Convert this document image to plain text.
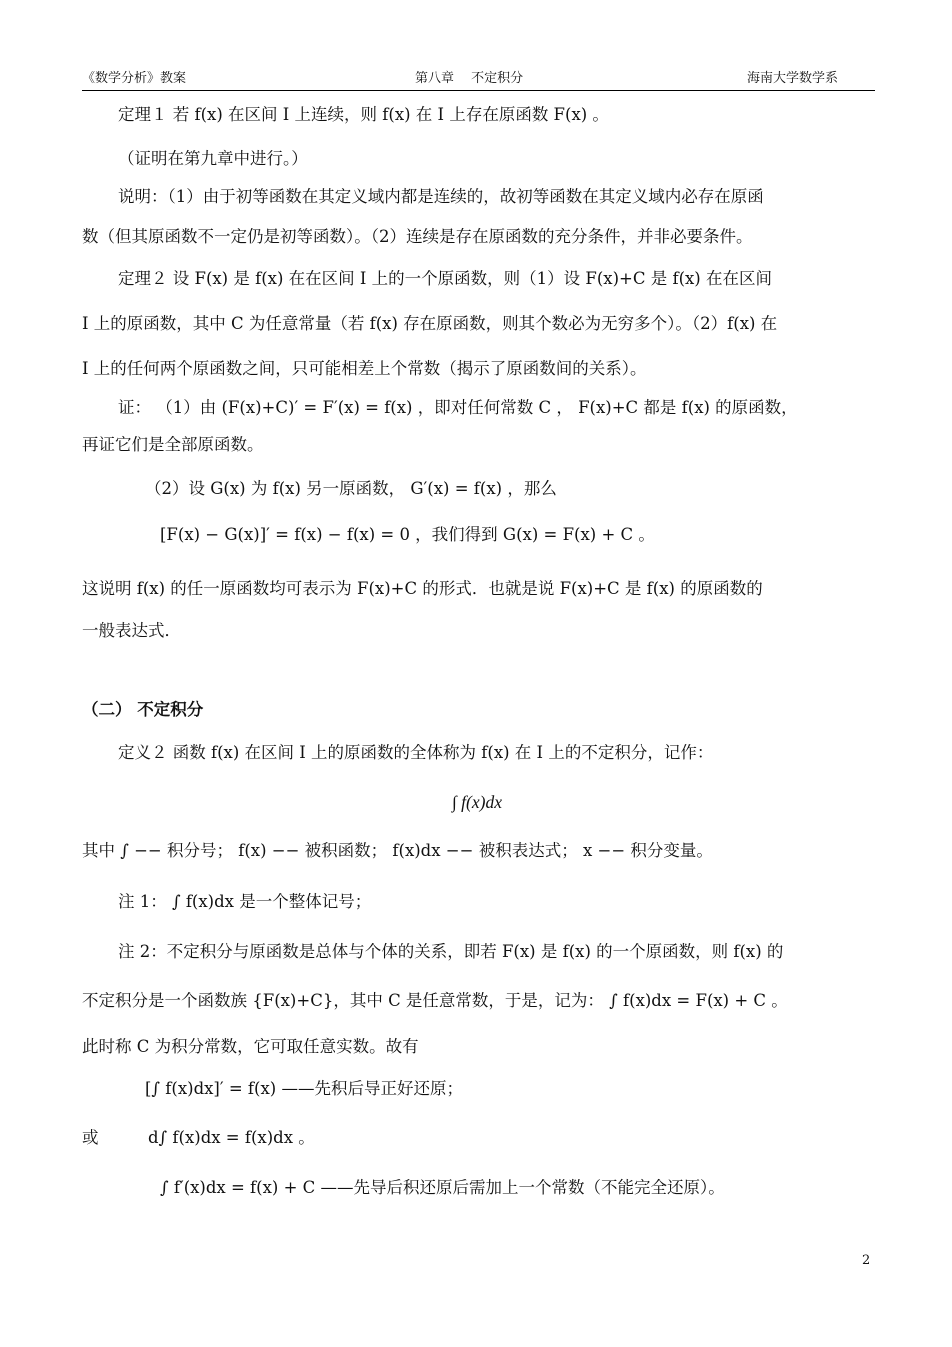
《数学分析》教案	第八章　 不定积分	海南大学数学系
定理１ 若 f(x) 在区间 I 上连续，则 f(x) 在 I 上存在原函数 F(x) 。
（证明在第九章中进行。）
说明：（1）由于初等函数在其定义域内都是连续的，故初等函数在其定义域内必存在原函
数（但其原函数不一定仍是初等函数）。（2）连续是存在原函数的充分条件，并非必要条件。
定理２ 设 F(x) 是 f(x) 在在区间 I 上的一个原函数，则（1）设 F(x)+C 是 f(x) 在在区间
I 上的原函数，其中 C 为任意常量（若 f(x) 存在原函数，则其个数必为无穷多个）。（2）f(x) 在
I 上的任何两个原函数之间，只可能相差上个常数（揭示了原函数间的关系）。
证： （1）由 (F(x)+C)′ = F′(x) = f(x) ，即对任何常数 C ， F(x)+C 都是 f(x) 的原函数，
再证它们是全部原函数。
（2）设 G(x) 为 f(x) 另一原函数， G′(x) = f(x) ，那么
[F(x) − G(x)]′ = f(x) − f(x) = 0 ，我们得到 G(x) = F(x) + C 。
这说明 f(x) 的任一原函数均可表示为 F(x)+C 的形式．也就是说 F(x)+C 是 f(x) 的原函数的
一般表达式．
（二） 不定积分
定义２ 函数 f(x) 在区间 I 上的原函数的全体称为 f(x) 在 I 上的不定积分，记作：
∫ f(x)dx
其中 ∫ −− 积分号； f(x) −− 被积函数； f(x)dx −− 被积表达式； x −− 积分变量。
注 1： ∫ f(x)dx 是一个整体记号；
注 2：不定积分与原函数是总体与个体的关系，即若 F(x) 是 f(x) 的一个原函数，则 f(x) 的
不定积分是一个函数族 {F(x)+C}，其中 C 是任意常数，于是，记为： ∫ f(x)dx = F(x) + C 。
此时称 C 为积分常数，它可取任意实数。故有
[∫ f(x)dx]′ = f(x) ——先积后导正好还原；
或	d∫ f(x)dx = f(x)dx 。
∫ f′(x)dx = f(x) + C ——先导后积还原后需加上一个常数（不能完全还原）。
2
